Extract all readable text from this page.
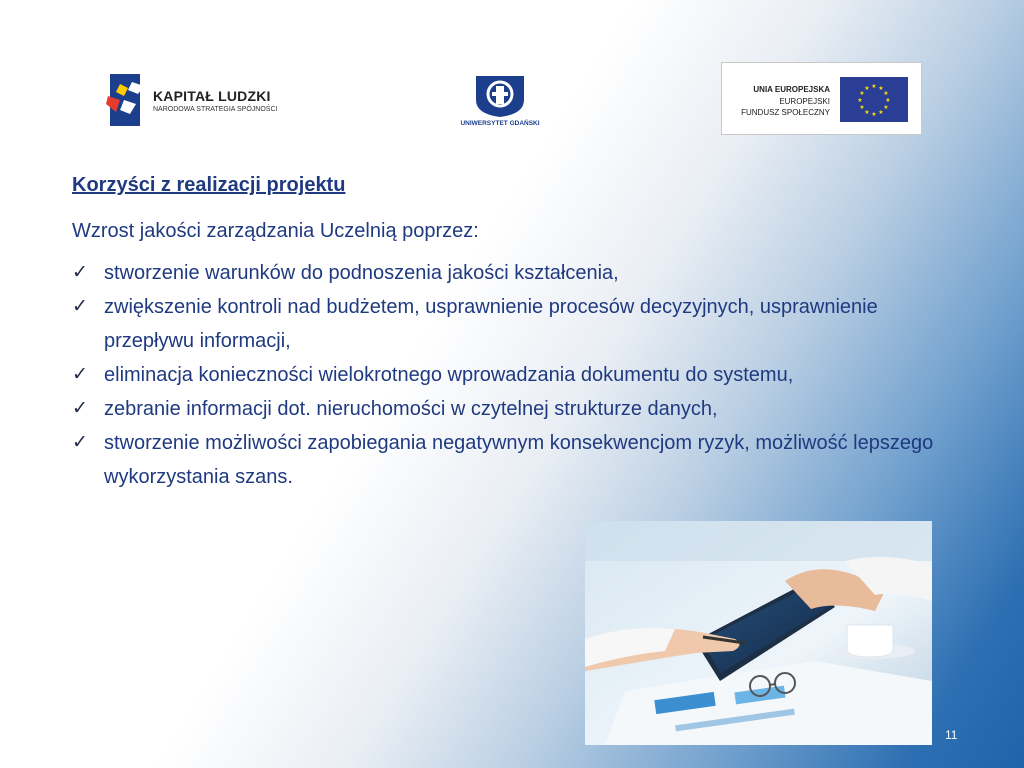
KAPITAŁ LUDZKI
NARODOWA STRATEGIA SPÓJNOŚCI
UNIWERSYTET GDAŃSKI
UNIA EUROPEJSKA
EUROPEJSKI
FUNDUSZ SPOŁECZNY
★ ★
★
★
★
★
★
★
★
★
★
★
Korzyści z realizacji projektu
Wzrost jakości zarządzania Uczelnią poprzez:
✓ stworzenie warunków do podnoszenia jakości kształcenia,
✓ zwiększenie kontroli nad budżetem, usprawnienie procesów decyzyjnych, usprawnienie przepływu informacji,
✓ eliminacja konieczności wielokrotnego wprowadzania dokumentu do systemu,
✓ zebranie informacji dot. nieruchomości w czytelnej strukturze danych,
✓ stworzenie możliwości zapobiegania negatywnym konsekwencjom ryzyk, możliwość lepszego wykorzystania szans.
11
